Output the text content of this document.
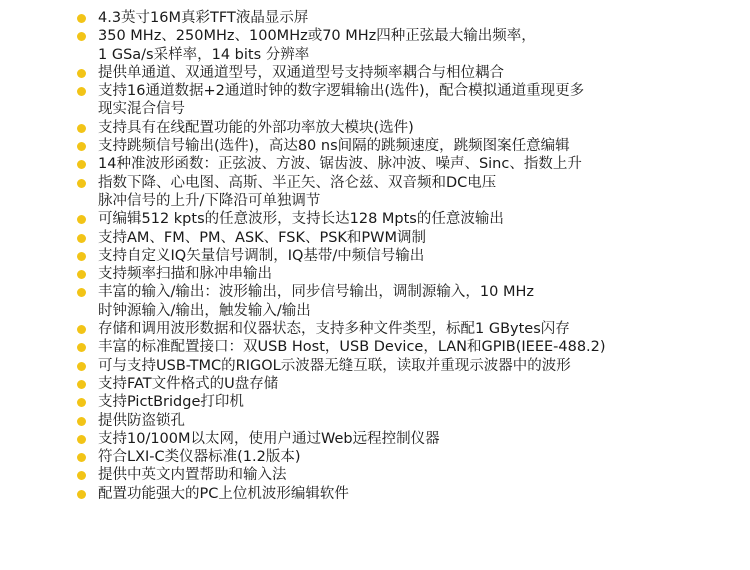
4.3英寸16M真彩TFT液晶显示屏
350 MHz、250MHz、100MHz或70 MHz四种正弦最大输出频率，
1 GSa/s采样率，14 bits 分辨率
提供单通道、双通道型号，双通道型号支持频率耦合与相位耦合
支持16通道数据+2通道时钟的数字逻辑输出(选件)，配合模拟通道重现更多
现实混合信号
支持具有在线配置功能的外部功率放大模块(选件)
支持跳频信号输出(选件)，高达80 ns间隔的跳频速度，跳频图案任意编辑
14种准波形函数：正弦波、方波、锯齿波、脉冲波、噪声、Sinc、指数上升
指数下降、心电图、高斯、半正矢、洛仑兹、双音频和DC电压
脉冲信号的上升/下降沿可单独调节
可编辑512 kpts的任意波形，支持长达128 Mpts的任意波输出
支持AM、FM、PM、ASK、FSK、PSK和PWM调制
支持自定义IQ矢量信号调制，IQ基带/中频信号输出
支持频率扫描和脉冲串输出
丰富的输入/输出：波形输出，同步信号输出，调制源输入，10 MHz
时钟源输入/输出，触发输入/输出
存储和调用波形数据和仪器状态，支持多种文件类型，标配1 GBytes闪存
丰富的标准配置接口：双USB Host，USB Device，LAN和GPIB(IEEE-488.2)
可与支持USB-TMC的RIGOL示波器无缝互联，读取并重现示波器中的波形
支持FAT文件格式的U盘存储
支持PictBridge打印机
提供防盗锁孔
支持10/100M以太网，使用户通过Web远程控制仪器
符合LXI-C类仪器标准(1.2版本)
提供中英文内置帮助和输入法
配置功能强大的PC上位机波形编辑软件
